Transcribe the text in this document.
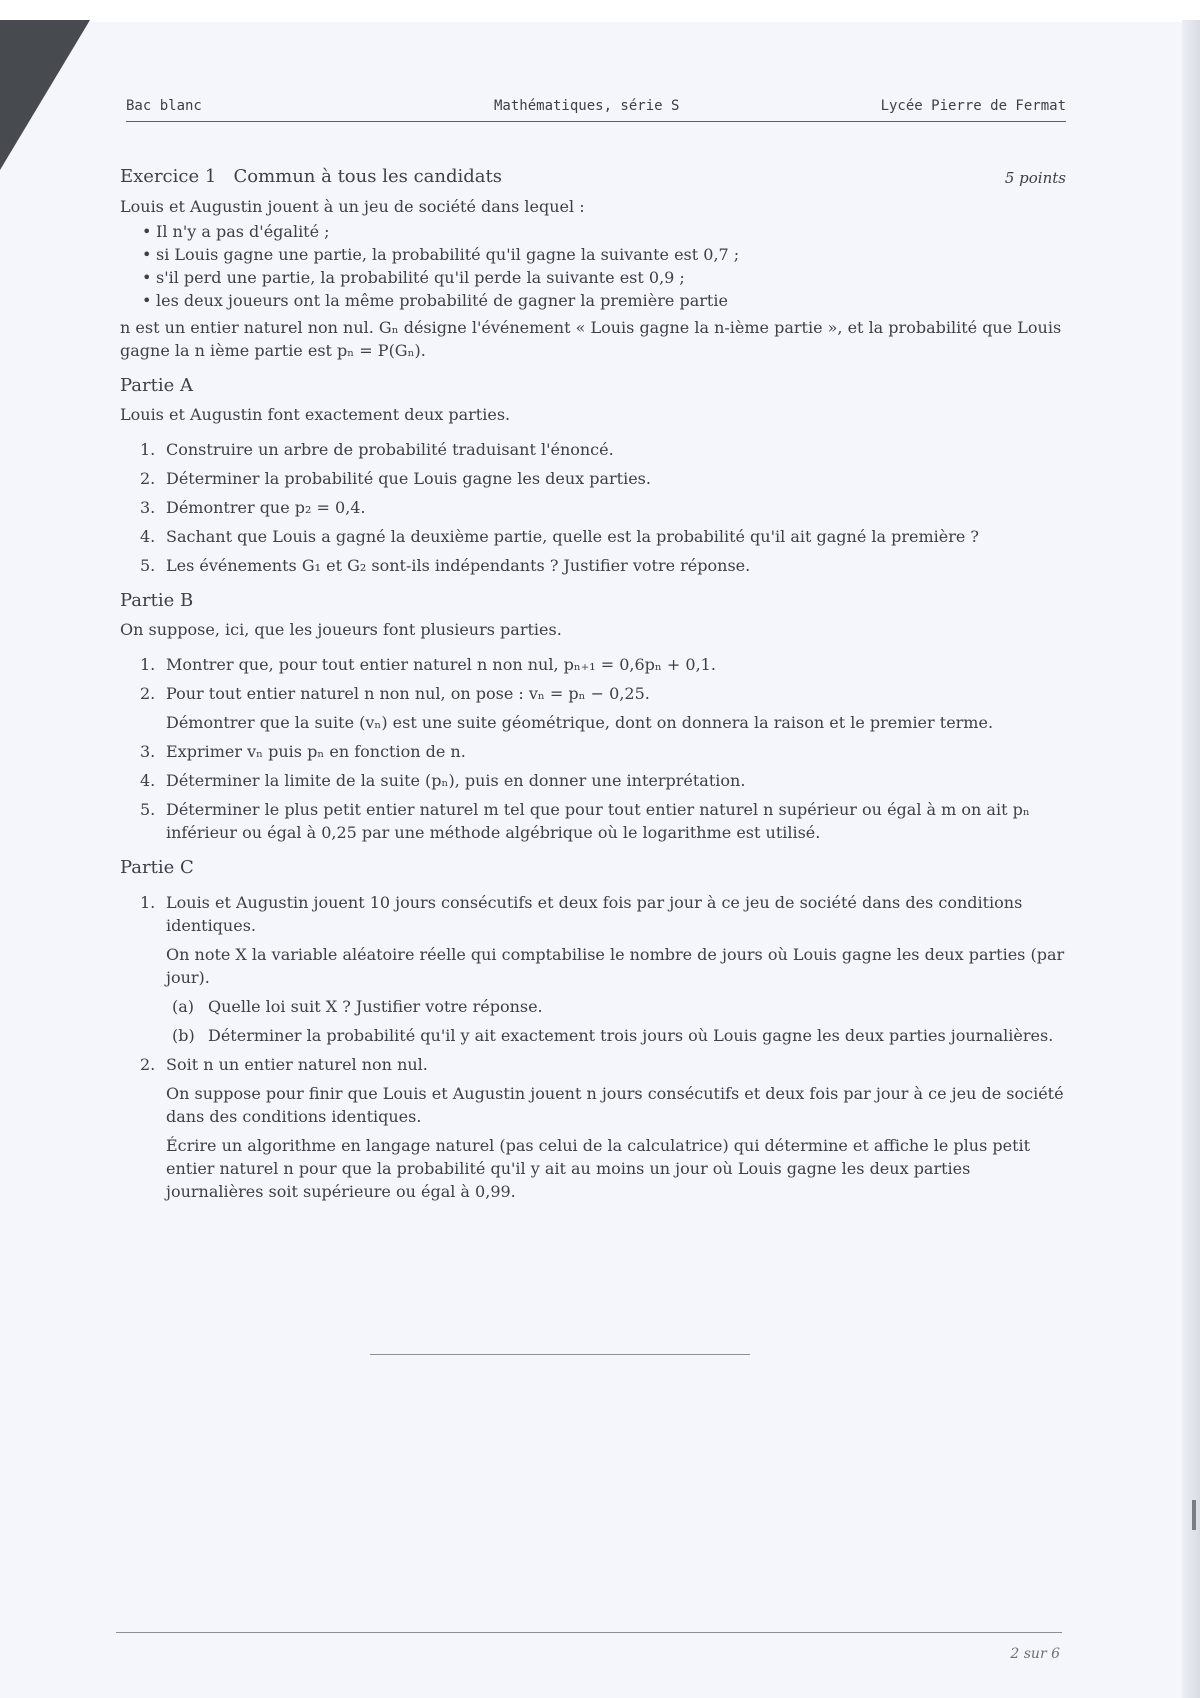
Bac blanc	Mathématiques, série S	Lycée Pierre de Fermat
Exercice 1 Commun à tous les candidats	5 points

Louis et Augustin jouent à un jeu de société dans lequel :

• Il n'y a pas d'égalité ;
• si Louis gagne une partie, la probabilité qu'il gagne la suivante est 0,7 ;
• s'il perd une partie, la probabilité qu'il perde la suivante est 0,9 ;
• les deux joueurs ont la même probabilité de gagner la première partie

n est un entier naturel non nul. Gₙ désigne l'événement « Louis gagne la n-ième partie », et la probabilité que Louis gagne la n ième partie est pₙ = P(Gₙ).

Partie A

Louis et Augustin font exactement deux parties.

1. Construire un arbre de probabilité traduisant l'énoncé.
2. Déterminer la probabilité que Louis gagne les deux parties.
3. Démontrer que p₂ = 0,4.
4. Sachant que Louis a gagné la deuxième partie, quelle est la probabilité qu'il ait gagné la première ?
5. Les événements G₁ et G₂ sont-ils indépendants ? Justifier votre réponse.
Partie B

On suppose, ici, que les joueurs font plusieurs parties.

1. Montrer que, pour tout entier naturel n non nul, pₙ₊₁ = 0,6pₙ + 0,1.
2. Pour tout entier naturel n non nul, on pose : vₙ = pₙ − 0,25.

Démontrer que la suite (vₙ) est une suite géométrique, dont on donnera la raison et le premier terme.

3. Exprimer vₙ puis pₙ en fonction de n.
4. Déterminer la limite de la suite (pₙ), puis en donner une interprétation.
5. Déterminer le plus petit entier naturel m tel que pour tout entier naturel n supérieur ou égal à m on ait pₙ inférieur ou égal à 0,25 par une méthode algébrique où le logarithme est utilisé.
Partie C
1. Louis et Augustin jouent 10 jours consécutifs et deux fois par jour à ce jeu de société dans des conditions identiques.

On note X la variable aléatoire réelle qui comptabilise le nombre de jours où Louis gagne les deux parties (par jour).

(a) Quelle loi suit X ? Justifier votre réponse.
(b) Déterminer la probabilité qu'il y ait exactement trois jours où Louis gagne les deux parties journalières.
2. Soit n un entier naturel non nul.

On suppose pour finir que Louis et Augustin jouent n jours consécutifs et deux fois par jour à ce jeu de société dans des conditions identiques.

Écrire un algorithme en langage naturel (pas celui de la calculatrice) qui détermine et affiche le plus petit entier naturel n pour que la probabilité qu'il y ait au moins un jour où Louis gagne les deux parties journalières soit supérieure ou égal à 0,99.

2 sur 6
